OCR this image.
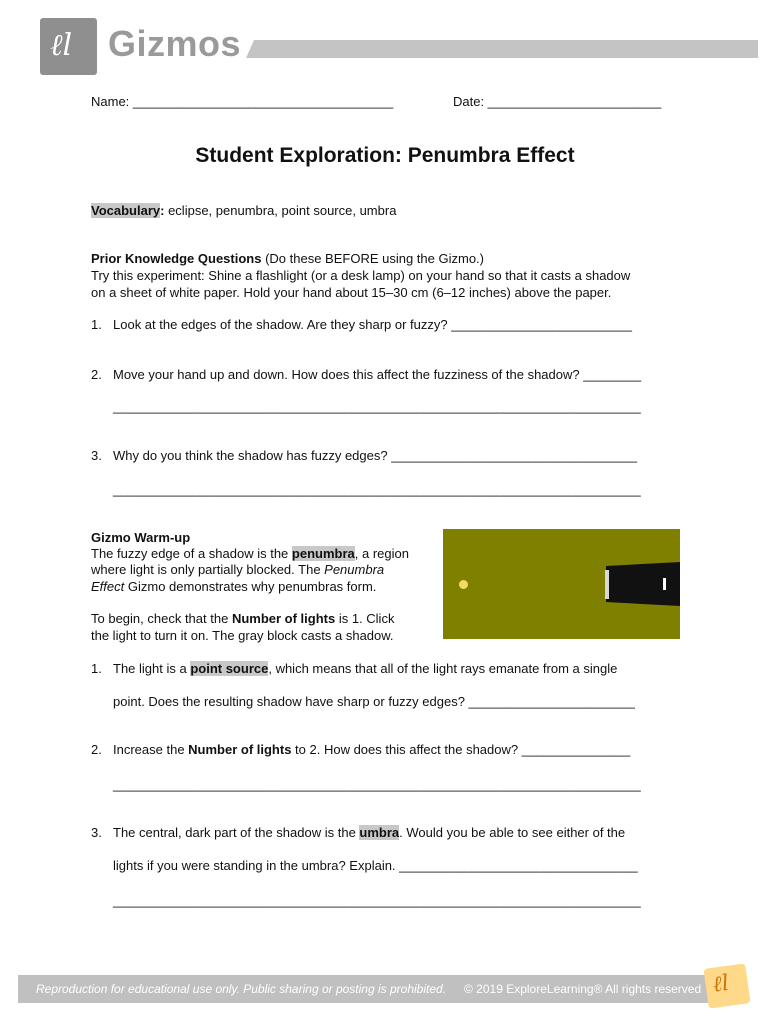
ℓl Gizmos
Name: ____________________________________	Date: ________________________
Student Exploration: Penumbra Effect
Vocabulary: eclipse, penumbra, point source, umbra
Prior Knowledge Questions (Do these BEFORE using the Gizmo.)
Try this experiment: Shine a flashlight (or a desk lamp) on your hand so that it casts a shadow
on a sheet of white paper. Hold your hand about 15–30 cm (6–12 inches) above the paper.
1. Look at the edges of the shadow. Are they sharp or fuzzy? _________________________
2. Move your hand up and down. How does this affect the fuzziness of the shadow? ________
_________________________________________________________________________
3. Why do you think the shadow has fuzzy edges? __________________________________
_________________________________________________________________________
Gizmo Warm-up
The fuzzy edge of a shadow is the penumbra, a region
where light is only partially blocked. The Penumbra
Effect Gizmo demonstrates why penumbras form.
To begin, check that the Number of lights is 1. Click
the light to turn it on. The gray block casts a shadow.
1. The light is a point source, which means that all of the light rays emanate from a single
point. Does the resulting shadow have sharp or fuzzy edges? _______________________
2. Increase the Number of lights to 2. How does this affect the shadow? _______________
_________________________________________________________________________
3. The central, dark part of the shadow is the umbra. Would you be able to see either of the
lights if you were standing in the umbra? Explain. _________________________________
_________________________________________________________________________
Reproduction for educational use only. Public sharing or posting is prohibited. © 2019 ExploreLearning® All rights reserved ℓl
